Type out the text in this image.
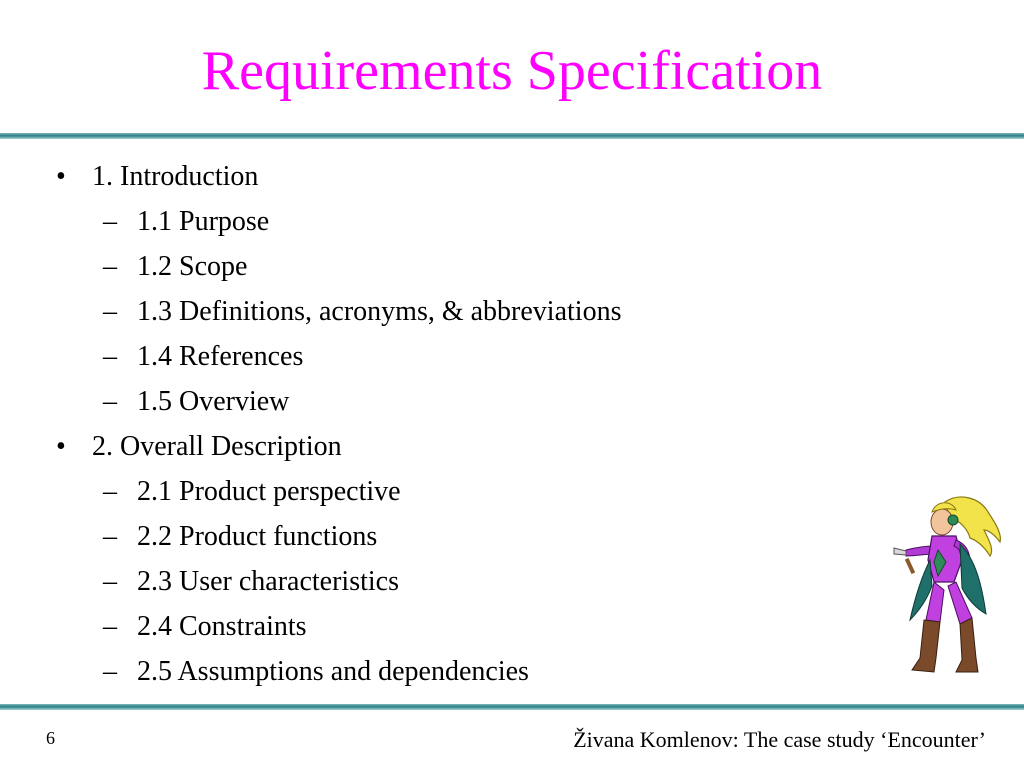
Requirements Specification
• 1. Introduction
– 1.1 Purpose
– 1.2 Scope
– 1.3 Definitions, acronyms, & abbreviations
– 1.4 References
– 1.5 Overview
• 2. Overall Description
– 2.1 Product perspective
– 2.2 Product functions
– 2.3 User characteristics
– 2.4 Constraints
– 2.5 Assumptions and dependencies
6	Živana Komlenov: The case study ‘Encounter’
